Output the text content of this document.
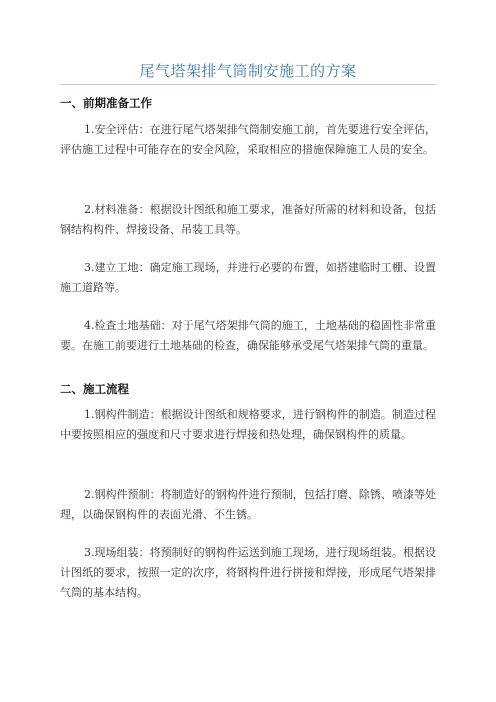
尾气塔架排气筒制安施工的方案
一、前期准备工作
1.安全评估：在进行尾气塔架排气筒制安施工前，首先要进行安全评估，评估施工过程中可能存在的安全风险，采取相应的措施保障施工人员的安全。
2.材料准备：根据设计图纸和施工要求，准备好所需的材料和设备，包括钢结构构件、焊接设备、吊装工具等。
3.建立工地：确定施工现场，并进行必要的布置，如搭建临时工棚、设置施工道路等。
4.检查土地基础：对于尾气塔架排气筒的施工，土地基础的稳固性非常重要。在施工前要进行土地基础的检查，确保能够承受尾气塔架排气筒的重量。
二、施工流程
1.钢构件制造：根据设计图纸和规格要求，进行钢构件的制造。制造过程中要按照相应的强度和尺寸要求进行焊接和热处理，确保钢构件的质量。
2.钢构件预制：将制造好的钢构件进行预制，包括打磨、除锈、喷漆等处理，以确保钢构件的表面光滑、不生锈。
3.现场组装：将预制好的钢构件运送到施工现场，进行现场组装。根据设计图纸的要求，按照一定的次序，将钢构件进行拼接和焊接，形成尾气塔架排气筒的基本结构。
